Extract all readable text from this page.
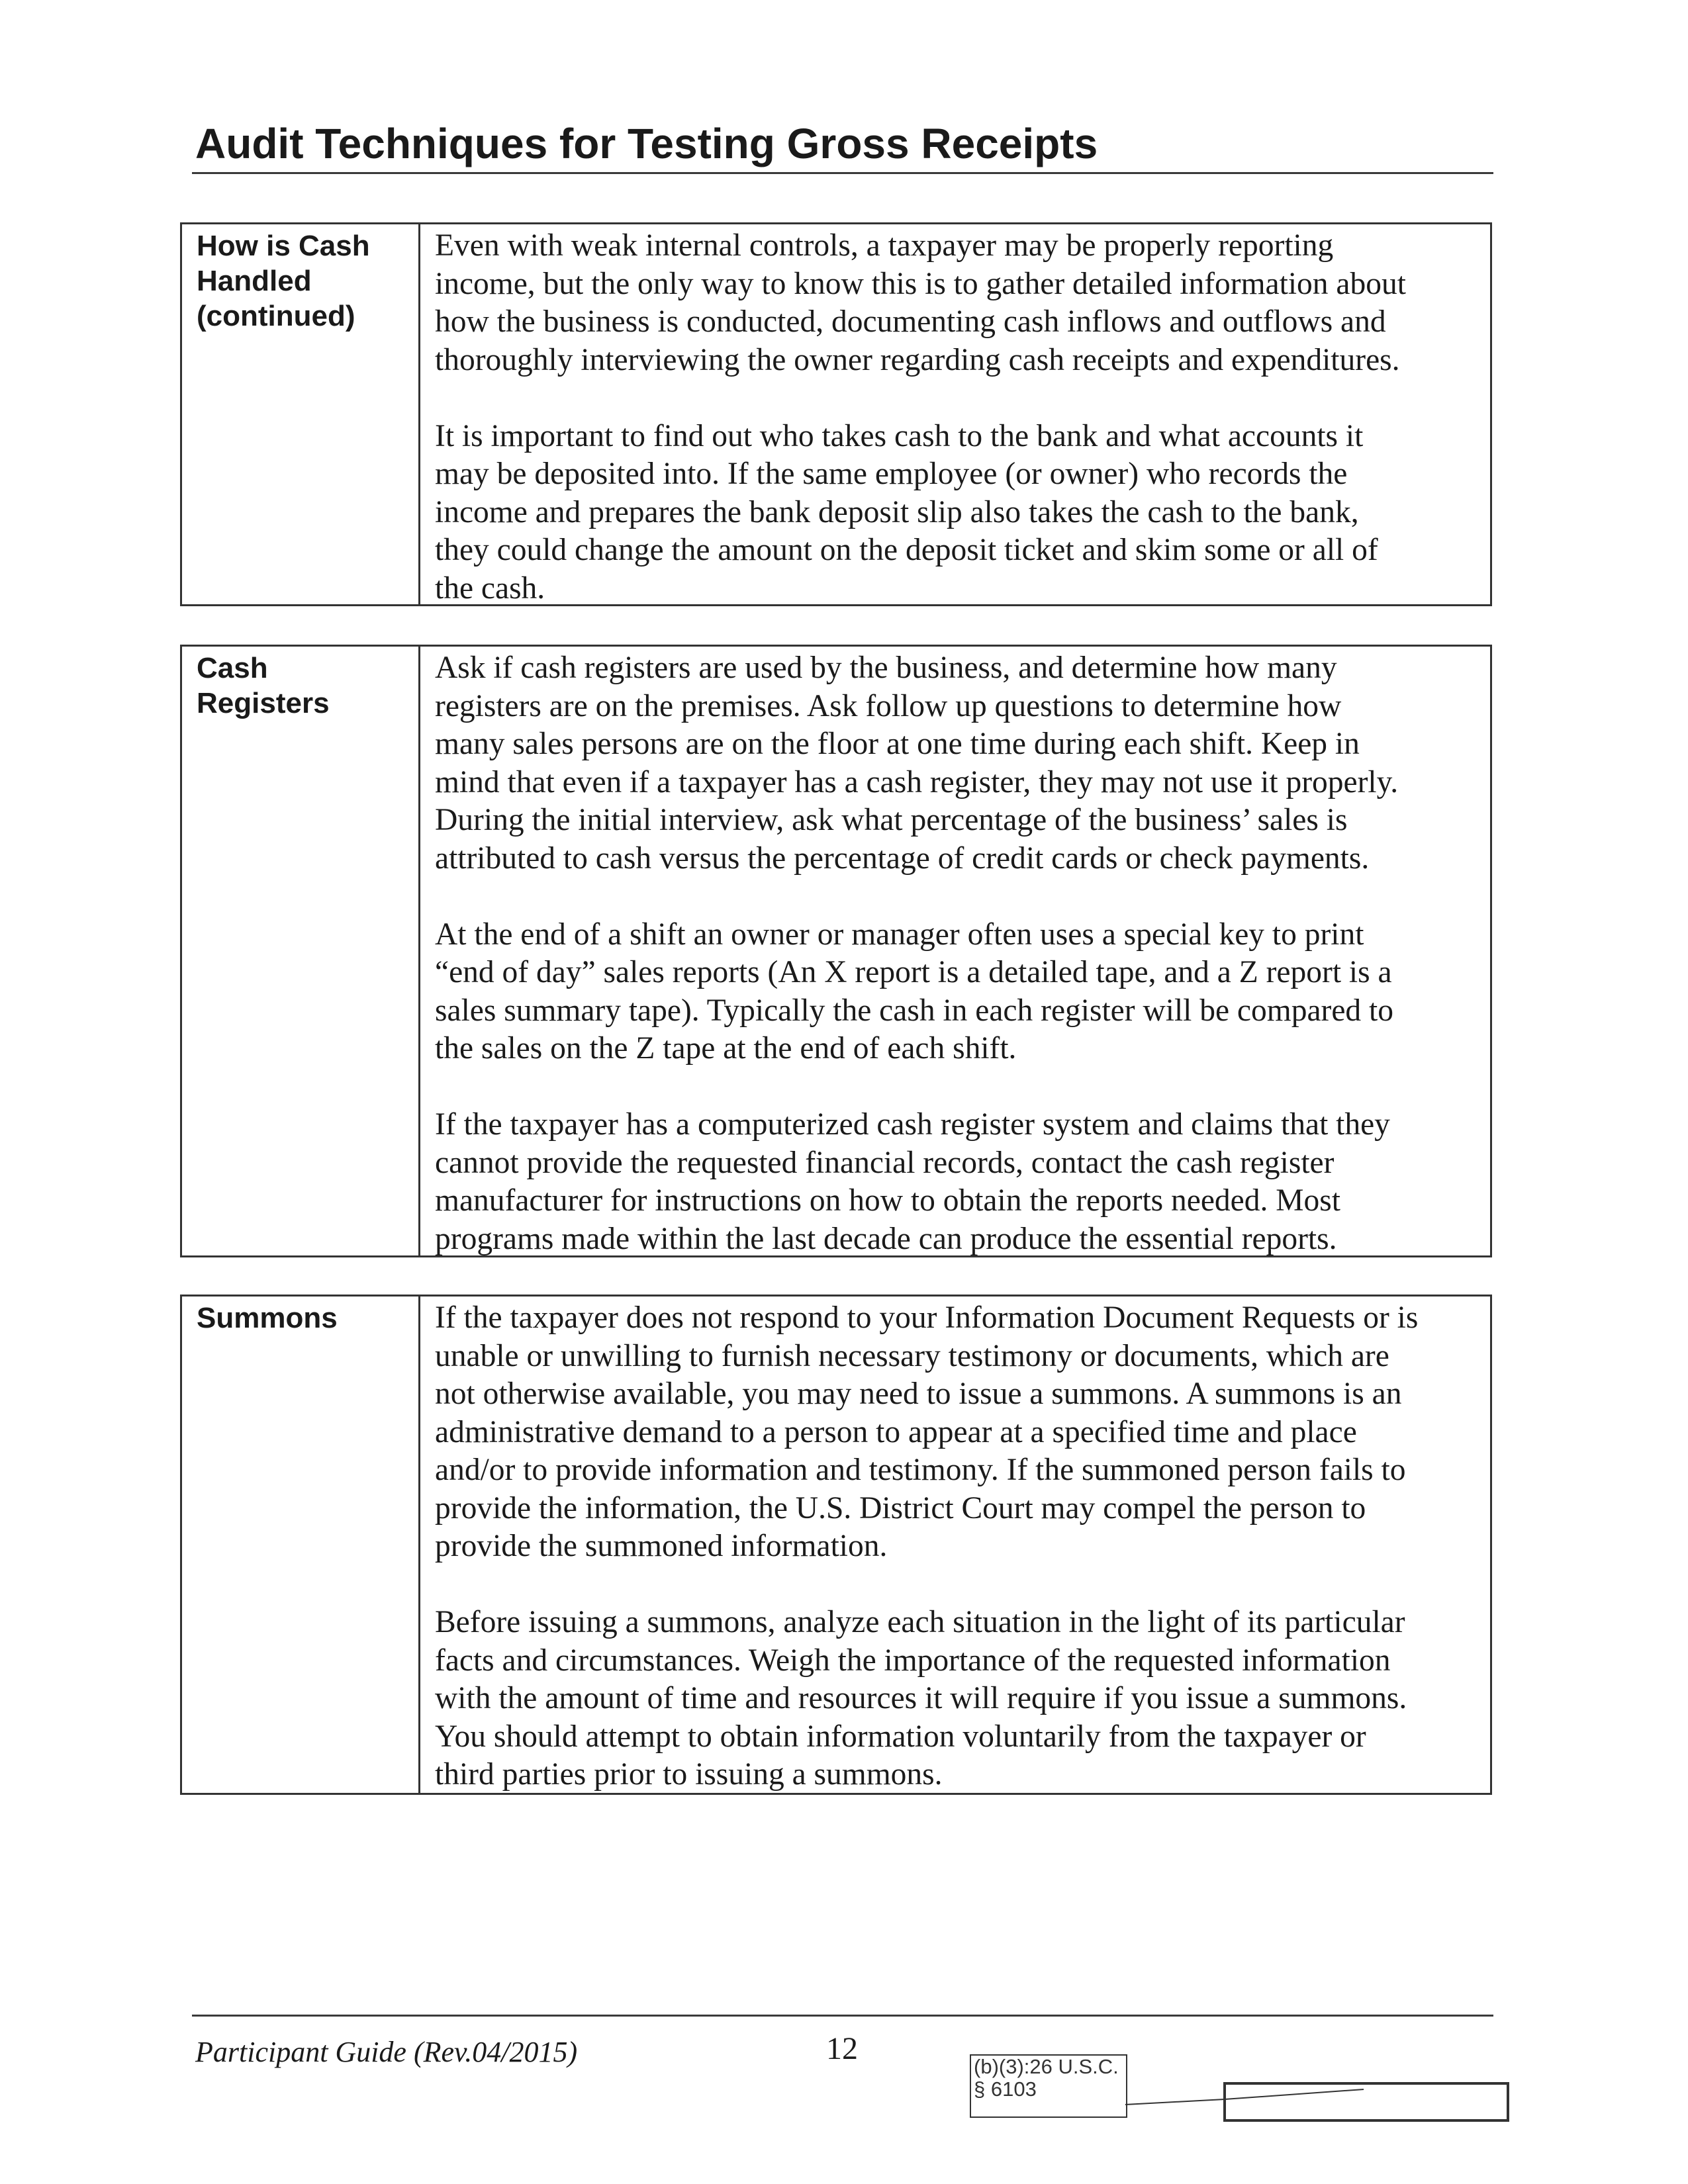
Audit Techniques for Testing Gross Receipts
How is Cash
Handled
(continued)
Even with weak internal controls, a taxpayer may be properly reporting
income, but the only way to know this is to gather detailed information about
how the business is conducted, documenting cash inflows and outflows and
thoroughly interviewing the owner regarding cash receipts and expenditures.
It is important to find out who takes cash to the bank and what accounts it
may be deposited into. If the same employee (or owner) who records the
income and prepares the bank deposit slip also takes the cash to the bank,
they could change the amount on the deposit ticket and skim some or all of
the cash.
Cash
Registers
Ask if cash registers are used by the business, and determine how many
registers are on the premises. Ask follow up questions to determine how
many sales persons are on the floor at one time during each shift. Keep in
mind that even if a taxpayer has a cash register, they may not use it properly.
During the initial interview, ask what percentage of the business’ sales is
attributed to cash versus the percentage of credit cards or check payments.
At the end of a shift an owner or manager often uses a special key to print
“end of day” sales reports (An X report is a detailed tape, and a Z report is a
sales summary tape). Typically the cash in each register will be compared to
the sales on the Z tape at the end of each shift.
If the taxpayer has a computerized cash register system and claims that they
cannot provide the requested financial records, contact the cash register
manufacturer for instructions on how to obtain the reports needed. Most
programs made within the last decade can produce the essential reports.
Summons	If the taxpayer does not respond to your Information Document Requests or is
unable or unwilling to furnish necessary testimony or documents, which are
not otherwise available, you may need to issue a summons. A summons is an
administrative demand to a person to appear at a specified time and place
and/or to provide information and testimony. If the summoned person fails to
provide the information, the U.S. District Court may compel the person to
provide the summoned information.
Before issuing a summons, analyze each situation in the light of its particular
facts and circumstances. Weigh the importance of the requested information
with the amount of time and resources it will require if you issue a summons.
You should attempt to obtain information voluntarily from the taxpayer or
third parties prior to issuing a summons.
Participant Guide (Rev.04/2015)	12
(b)(3):26 U.S.C.
§ 6103
